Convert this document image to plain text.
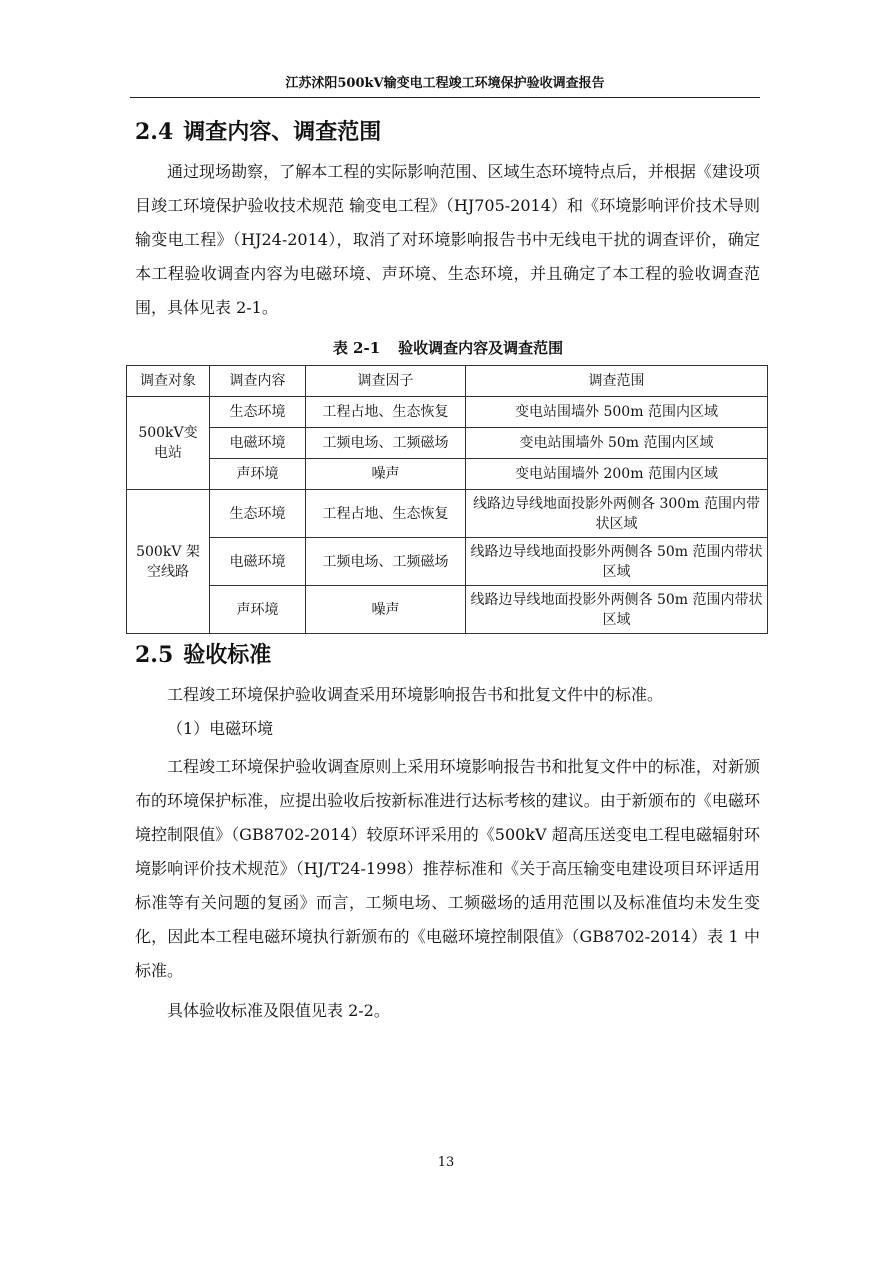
江苏沭阳500kV输变电工程竣工环境保护验收调查报告
2.4 调查内容、调查范围

通过现场勘察，了解本工程的实际影响范围、区域生态环境特点后，并根据《建设项目竣工环境保护验收技术规范 输变电工程》（HJ705-2014）和《环境影响评价技术导则 输变电工程》（HJ24-2014），取消了对环境影响报告书中无线电干扰的调查评价，确定本工程验收调查内容为电磁环境、声环境、生态环境，并且确定了本工程的验收调查范围，具体见表 2-1。

表 2-1 验收调查内容及调查范围
调查对象	调查内容	调查因子	调查范围
500kV变电站	生态环境	工程占地、生态恢复	变电站围墙外 500m 范围内区域
	电磁环境	工频电场、工频磁场	变电站围墙外 50m 范围内区域
	声环境	噪声	变电站围墙外 200m 范围内区域
500kV 架空线路	生态环境	工程占地、生态恢复	线路边导线地面投影外两侧各 300m 范围内带状区域
	电磁环境	工频电场、工频磁场	线路边导线地面投影外两侧各 50m 范围内带状区域
	声环境	噪声	线路边导线地面投影外两侧各 50m 范围内带状区域
2.5 验收标准

工程竣工环境保护验收调查采用环境影响报告书和批复文件中的标准。

（1）电磁环境

工程竣工环境保护验收调查原则上采用环境影响报告书和批复文件中的标准，对新颁布的环境保护标准，应提出验收后按新标准进行达标考核的建议。由于新颁布的《电磁环境控制限值》（GB8702-2014）较原环评采用的《500kV 超高压送变电工程电磁辐射环境影响评价技术规范》（HJ/T24-1998）推荐标准和《关于高压输变电建设项目环评适用标准等有关问题的复函》而言，工频电场、工频磁场的适用范围以及标准值均未发生变化，因此本工程电磁环境执行新颁布的《电磁环境控制限值》（GB8702-2014）表 1 中标准。

具体验收标准及限值见表 2-2。

13
